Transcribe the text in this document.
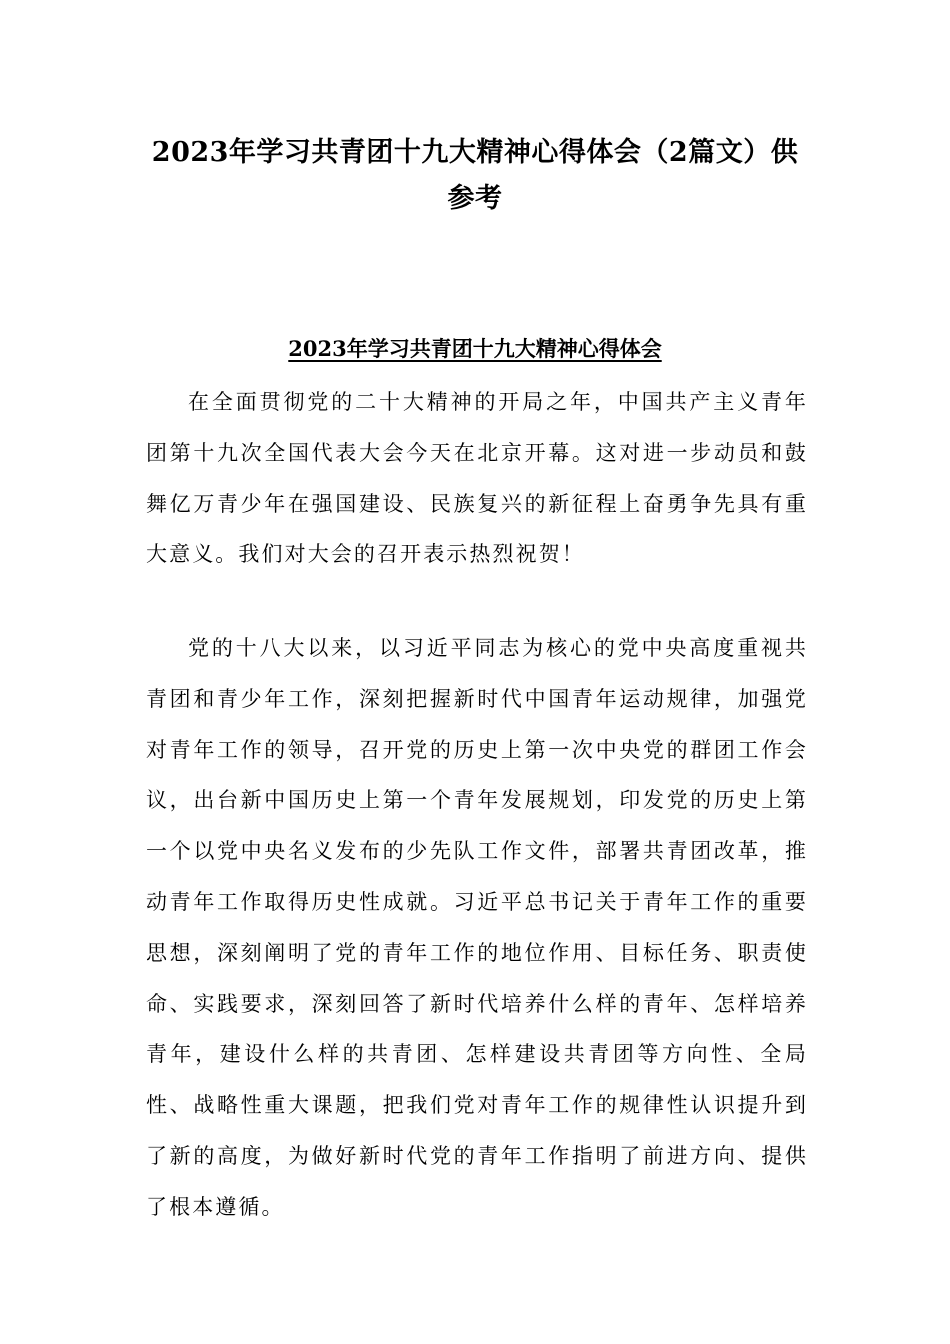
2023年学习共青团十九大精神心得体会（2篇文）供参考
2023年学习共青团十九大精神心得体会

在全面贯彻党的二十大精神的开局之年，中国共产主义青年团第十九次全国代表大会今天在北京开幕。这对进一步动员和鼓舞亿万青少年在强国建设、民族复兴的新征程上奋勇争先具有重大意义。我们对大会的召开表示热烈祝贺！

党的十八大以来，以习近平同志为核心的党中央高度重视共青团和青少年工作，深刻把握新时代中国青年运动规律，加强党对青年工作的领导，召开党的历史上第一次中央党的群团工作会议，出台新中国历史上第一个青年发展规划，印发党的历史上第一个以党中央名义发布的少先队工作文件，部署共青团改革，推动青年工作取得历史性成就。习近平总书记关于青年工作的重要思想，深刻阐明了党的青年工作的地位作用、目标任务、职责使命、实践要求，深刻回答了新时代培养什么样的青年、怎样培养青年，建设什么样的共青团、怎样建设共青团等方向性、全局性、战略性重大课题，把我们党对青年工作的规律性认识提升到了新的高度，为做好新时代党的青年工作指明了前进方向、提供了根本遵循。
